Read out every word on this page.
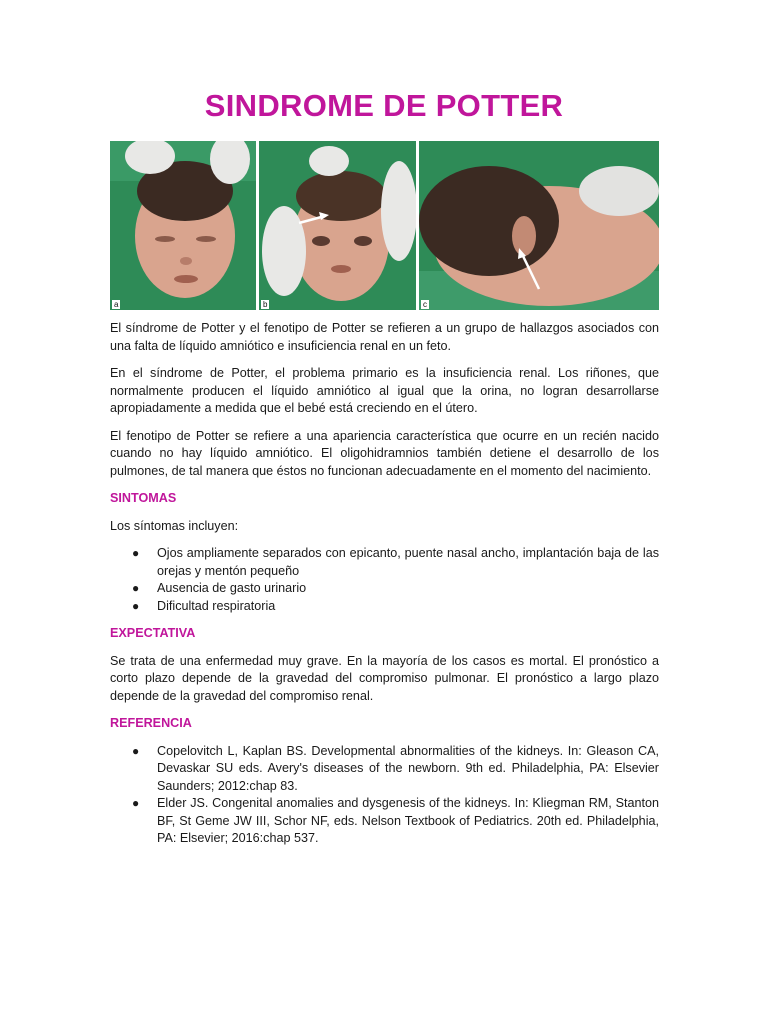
SINDROME DE POTTER
a	b	c

El síndrome de Potter y el fenotipo de Potter se refieren a un grupo de hallazgos asociados con una falta de líquido amniótico e insuficiencia renal en un feto.

En el síndrome de Potter, el problema primario es la insuficiencia renal. Los riñones, que normalmente producen el líquido amniótico al igual que la orina, no logran desarrollarse apropiadamente a medida que el bebé está creciendo en el útero.

El fenotipo de Potter se refiere a una apariencia característica que ocurre en un recién nacido cuando no hay líquido amniótico. El oligohidramnios también detiene el desarrollo de los pulmones, de tal manera que éstos no funcionan adecuadamente en el momento del nacimiento.

SINTOMAS

Los síntomas incluyen:

● Ojos ampliamente separados con epicanto, puente nasal ancho, implantación baja de las orejas y mentón pequeño
● Ausencia de gasto urinario
● Dificultad respiratoria
EXPECTATIVA

Se trata de una enfermedad muy grave. En la mayoría de los casos es mortal. El pronóstico a corto plazo depende de la gravedad del compromiso pulmonar. El pronóstico a largo plazo depende de la gravedad del compromiso renal.

REFERENCIA
● Copelovitch L, Kaplan BS. Developmental abnormalities of the kidneys. In: Gleason CA, Devaskar SU eds. Avery's diseases of the newborn. 9th ed. Philadelphia, PA: Elsevier Saunders; 2012:chap 83.
● Elder JS. Congenital anomalies and dysgenesis of the kidneys. In: Kliegman RM, Stanton BF, St Geme JW III, Schor NF, eds. Nelson Textbook of Pediatrics. 20th ed. Philadelphia, PA: Elsevier; 2016:chap 537.
